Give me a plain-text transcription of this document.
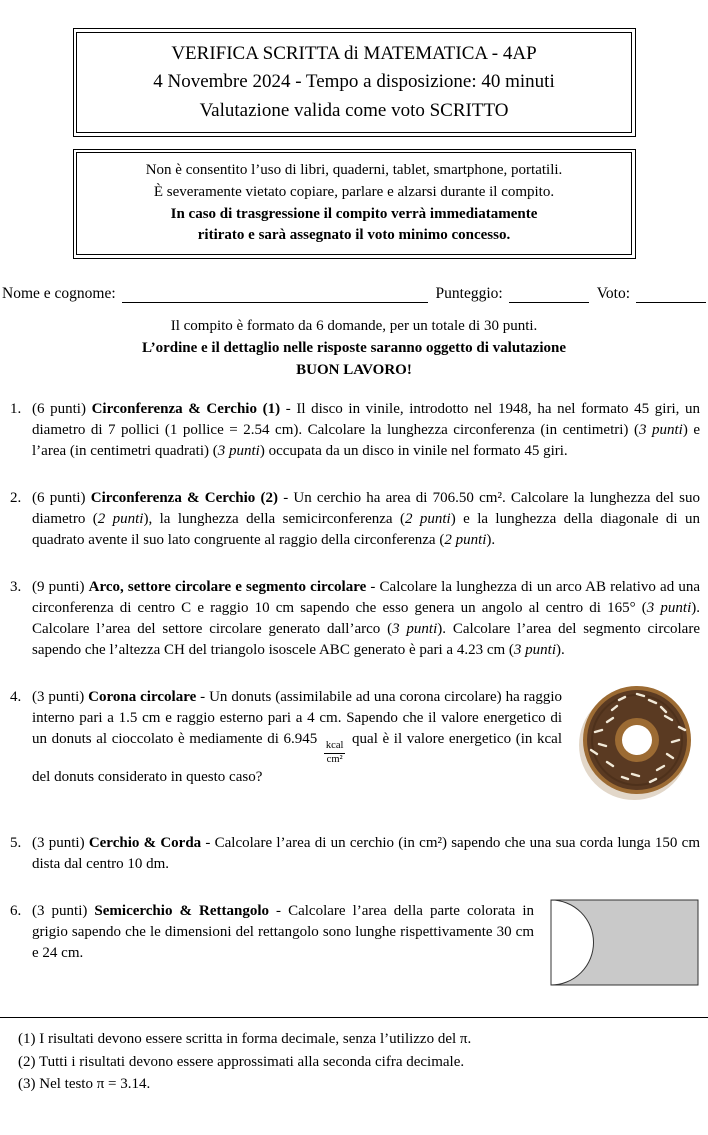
VERIFICA SCRITTA di MATEMATICA - 4AP
4 Novembre 2024 - Tempo a disposizione: 40 minuti
Valutazione valida come voto SCRITTO
Non è consentito l’uso di libri, quaderni, tablet, smartphone, portatili.
È severamente vietato copiare, parlare e alzarsi durante il compito.
In caso di trasgressione il compito verrà immediatamente
ritirato e sarà assegnato il voto minimo concesso.
Nome e cognome:	Punteggio:	Voto:
Il compito è formato da 6 domande, per un totale di 30 punti.
L’ordine e il dettaglio nelle risposte saranno oggetto di valutazione
BUON LAVORO!
1. (6 punti) Circonferenza & Cerchio (1) - Il disco in vinile, introdotto nel 1948, ha nel formato 45 giri, un diametro di 7 pollici (1 pollice = 2.54 cm). Calcolare la lunghezza circonferenza (in centimetri) (3 punti) e l’area (in centimetri quadrati) (3 punti) occupata da un disco in vinile nel formato 45 giri.
2. (6 punti) Circonferenza & Cerchio (2) - Un cerchio ha area di 706.50 cm². Calcolare la lunghezza del suo diametro (2 punti), la lunghezza della semicirconferenza (2 punti) e la lunghezza della diagonale di un quadrato avente il suo lato congruente al raggio della circonferenza (2 punti).
3. (9 punti) Arco, settore circolare e segmento circolare - Calcolare la lunghezza di un arco AB relativo ad una circonferenza di centro C e raggio 10 cm sapendo che esso genera un angolo al centro di 165° (3 punti). Calcolare l’area del settore circolare generato dall’arco (3 punti). Calcolare l’area del segmento circolare sapendo che l’altezza CH del triangolo isoscele ABC generato è pari a 4.23 cm (3 punti).
4. (3 punti) Corona circolare - Un donuts (assimilabile ad una corona circolare) ha raggio interno pari a 1.5 cm e raggio esterno pari a 4 cm. Sapendo che il valore energetico di un donuts al cioccolato è mediamente di 6.945
$\frac{\text{kcal}}{\text{cm²}}$
qual è il valore energetico (in kcal del donuts considerato in questo caso?
5. (3 punti) Cerchio & Corda - Calcolare l’area di un cerchio (in cm²) sapendo che una sua corda lunga 150 cm dista dal centro 10 dm.
6. (3 punti) Semicerchio & Rettangolo - Calcolare l’area della parte colorata in grigio sapendo che le dimensioni del rettangolo sono lunghe rispettivamente 30 cm e 24 cm.
(1) I risultati devono essere scritta in forma decimale, senza l’utilizzo del π.
(2) Tutti i risultati devono essere approssimati alla seconda cifra decimale.
(3) Nel testo π = 3.14.
